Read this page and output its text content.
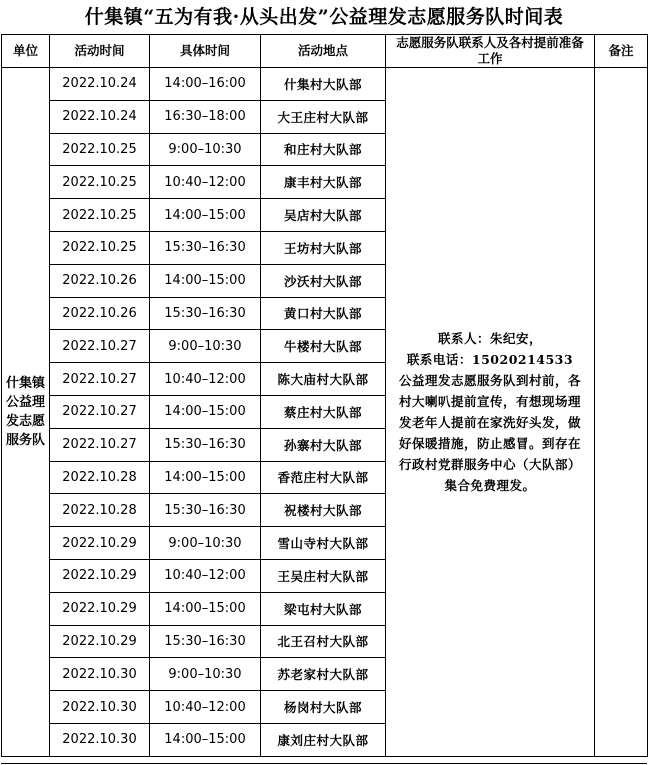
什集镇“五为有我·从头出发”公益理发志愿服务队时间表
单位	活动时间	具体时间	活动地点	志愿服务队联系人及各村提前准备工作	备注
什集镇公益理发志愿服务队	2022.10.24	14:00–16:00	什集村大队部	联系人：朱纪安，
联系电话：15020214533
公益理发志愿服务队到村前，各村大喇叭提前宣传，有想现场理发老年人提前在家洗好头发，做好保暖措施，防止感冒。到存在行政村党群服务中心（大队部）集合免费理发。	

	2022.10.24	16:30–18:00	大王庄村大队部		
	2022.10.25	9:00–10:30	和庄村大队部		
	2022.10.25	10:40–12:00	康丰村大队部		
	2022.10.25	14:00–15:00	吴店村大队部		
	2022.10.25	15:30–16:30	王坊村大队部		
	2022.10.26	14:00–15:00	沙沃村大队部		
	2022.10.26	15:30–16:30	黄口村大队部		
	2022.10.27	9:00–10:30	牛楼村大队部		
	2022.10.27	10:40–12:00	陈大庙村大队部		
	2022.10.27	14:00–15:00	蔡庄村大队部		
	2022.10.27	15:30–16:30	孙寨村大队部		
	2022.10.28	14:00–15:00	香范庄村大队部		
	2022.10.28	15:30–16:30	祝楼村大队部		
	2022.10.29	9:00–10:30	雪山寺村大队部		
	2022.10.29	10:40–12:00	王吴庄村大队部		
	2022.10.29	14:00–15:00	梁屯村大队部		
	2022.10.29	15:30–16:30	北王召村大队部		
	2022.10.30	9:00–10:30	苏老家村大队部		
	2022.10.30	10:40–12:00	杨岗村大队部		
	2022.10.30	14:00–15:00	康刘庄村大队部		
